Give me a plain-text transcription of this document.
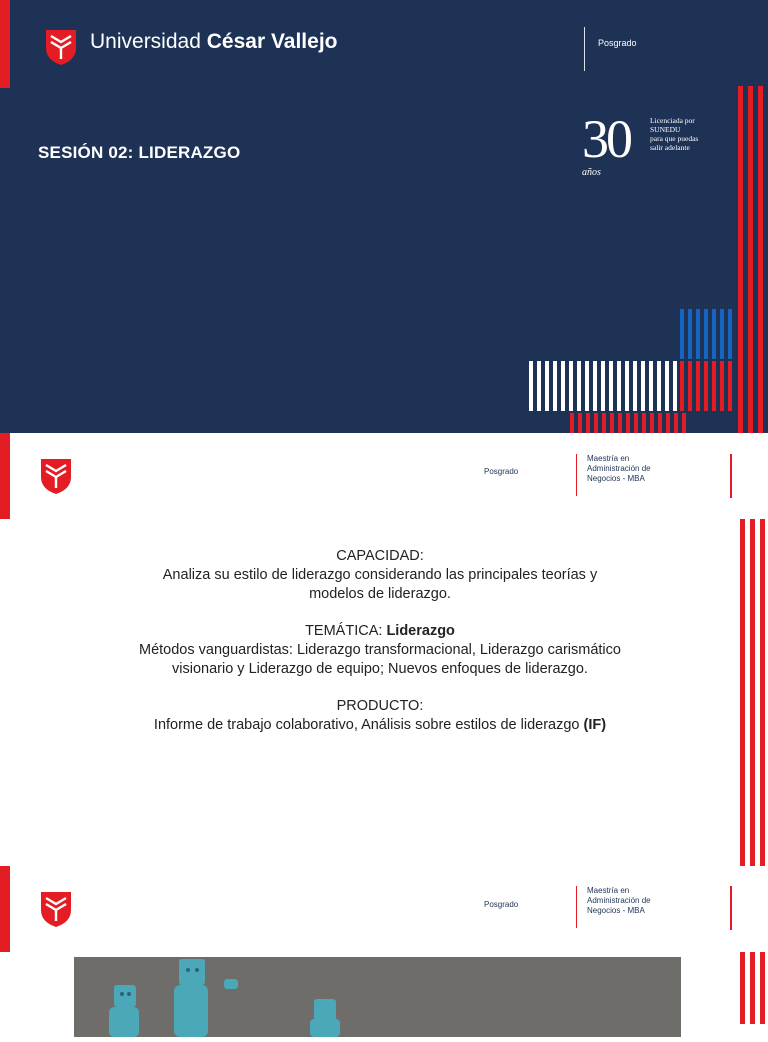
Universidad César Vallejo	Posgrado
SESIÓN 02: LIDERAZGO	30
años
Licenciada por
SUNEDU
para que puedas
salir adelante
Posgrado
Maestría en
Administración de
Negocios - MBA

CAPACIDAD:

Analiza su estilo de liderazgo considerando las principales teorías y

modelos de liderazgo.

TEMÁTICA: Liderazgo

Métodos vanguardistas: Liderazgo transformacional, Liderazgo carismático

visionario y Liderazgo de equipo; Nuevos enfoques de liderazgo.

PRODUCTO:

Informe de trabajo colaborativo, Análisis sobre estilos de liderazgo (IF)

Posgrado
Maestría en
Administración de
Negocios - MBA
